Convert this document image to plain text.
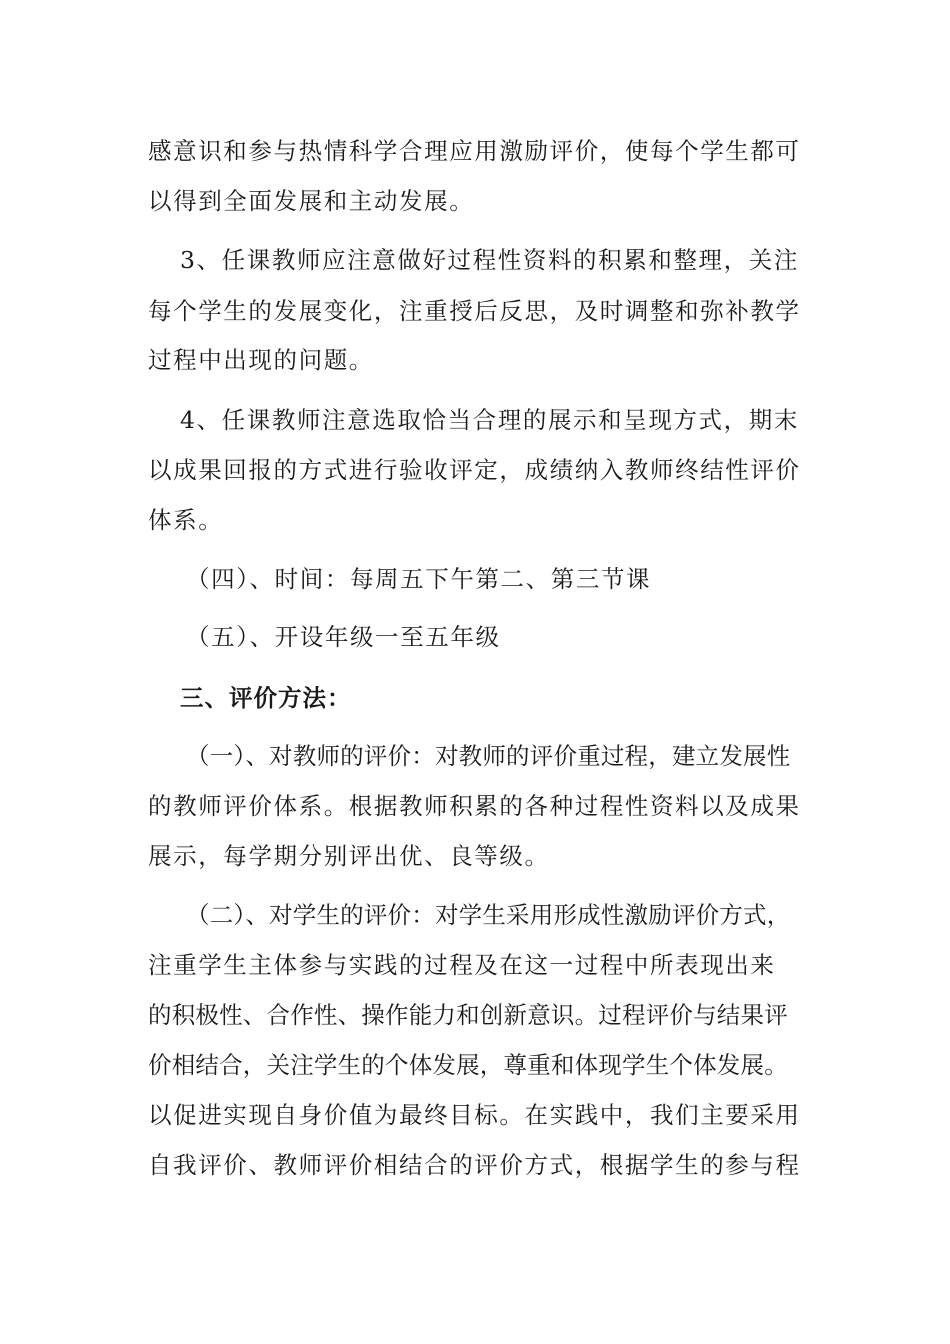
感意识和参与热情科学合理应用激励评价，使每个学生都可
以得到全面发展和主动发展。
3、任课教师应注意做好过程性资料的积累和整理，关注
每个学生的发展变化，注重授后反思，及时调整和弥补教学
过程中出现的问题。
4、任课教师注意选取恰当合理的展示和呈现方式，期末
以成果回报的方式进行验收评定，成绩纳入教师终结性评价
体系。
（四）、时间：每周五下午第二、第三节课
（五）、开设年级一至五年级
三、评价方法：
（一）、对教师的评价：对教师的评价重过程，建立发展性
的教师评价体系。根据教师积累的各种过程性资料以及成果
展示，每学期分别评出优、良等级。
（二）、对学生的评价：对学生采用形成性激励评价方式，
注重学生主体参与实践的过程及在这一过程中所表现出来
的积极性、合作性、操作能力和创新意识。过程评价与结果评
价相结合，关注学生的个体发展，尊重和体现学生个体发展。
以促进实现自身价值为最终目标。在实践中，我们主要采用
自我评价、教师评价相结合的评价方式，根据学生的参与程
